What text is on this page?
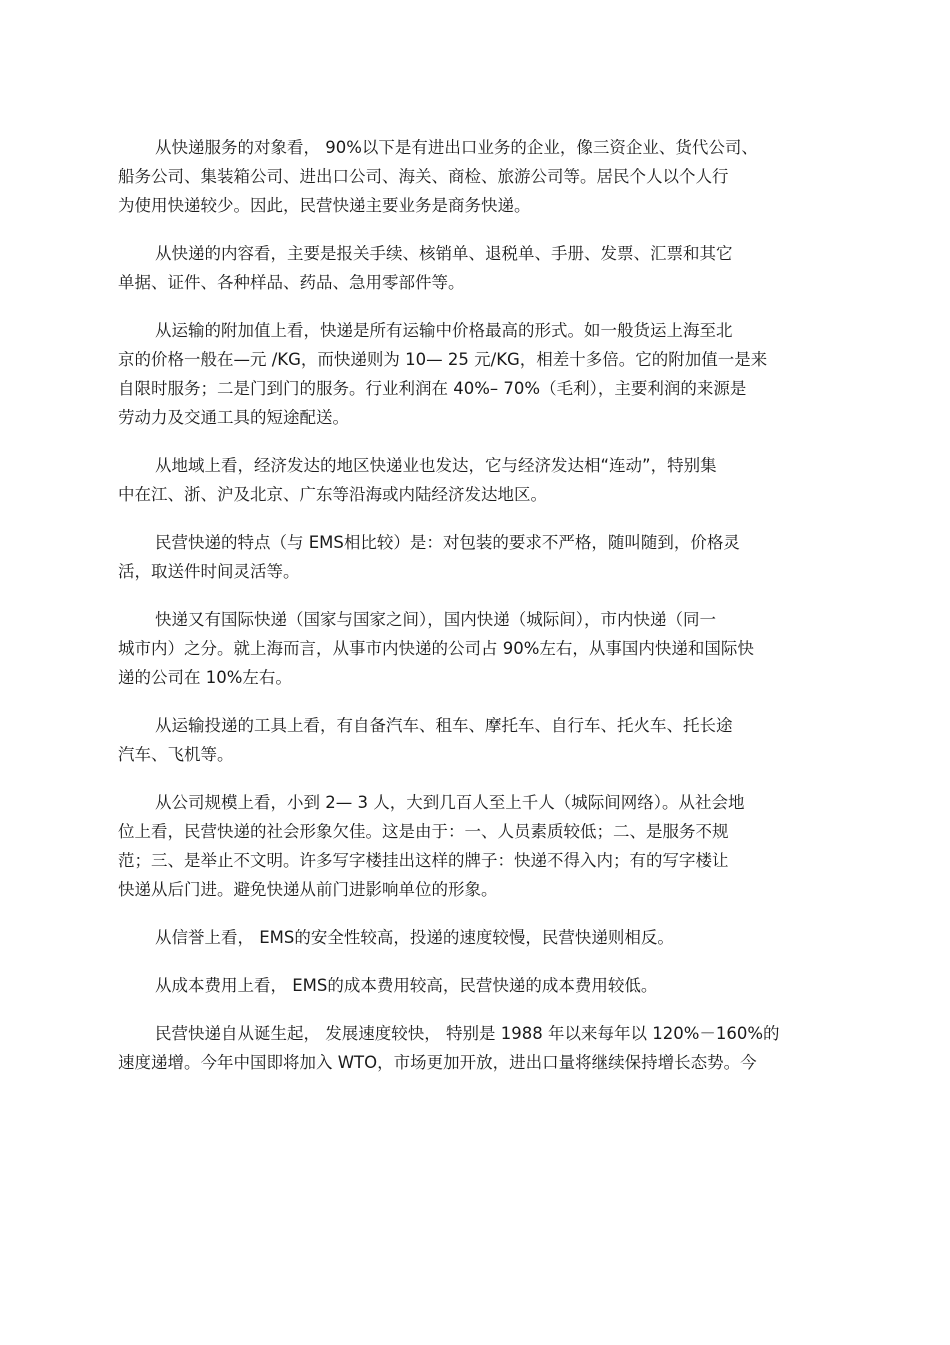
从快递服务的对象看， 90%以下是有进出口业务的企业，像三资企业、货代公司、
船务公司、集装箱公司、进出口公司、海关、商检、旅游公司等。居民个人以个人行
为使用快递较少。因此，民营快递主要业务是商务快递。
从快递的内容看，主要是报关手续、核销单、退税单、手册、发票、汇票和其它
单据、证件、各种样品、药品、急用零部件等。
从运输的附加值上看，快递是所有运输中价格最高的形式。如一般货运上海至北
京的价格一般在—元 /KG，而快递则为 10— 25 元/KG，相差十多倍。它的附加值一是来
自限时服务；二是门到门的服务。行业利润在 40%– 70%（毛利），主要利润的来源是
劳动力及交通工具的短途配送。
从地域上看，经济发达的地区快递业也发达，它与经济发达相“连动”，特别集
中在江、浙、沪及北京、广东等沿海或内陆经济发达地区。
民营快递的特点（与 EMS相比较）是：对包装的要求不严格，随叫随到，价格灵
活，取送件时间灵活等。
快递又有国际快递（国家与国家之间），国内快递（城际间），市内快递（同一
城市内）之分。就上海而言，从事市内快递的公司占 90%左右，从事国内快递和国际快
递的公司在 10%左右。
从运输投递的工具上看，有自备汽车、租车、摩托车、自行车、托火车、托长途
汽车、飞机等。
从公司规模上看，小到 2— 3 人，大到几百人至上千人（城际间网络）。从社会地
位上看，民营快递的社会形象欠佳。这是由于：一、人员素质较低；二、是服务不规
范；三、是举止不文明。许多写字楼挂出这样的牌子：快递不得入内；有的写字楼让
快递从后门进。避免快递从前门进影响单位的形象。
从信誉上看， EMS的安全性较高，投递的速度较慢，民营快递则相反。
从成本费用上看， EMS的成本费用较高，民营快递的成本费用较低。
民营快递自从诞生起， 发展速度较快， 特别是 1988 年以来每年以 120%－160%的
速度递增。今年中国即将加入 WTO，市场更加开放，进出口量将继续保持增长态势。今
